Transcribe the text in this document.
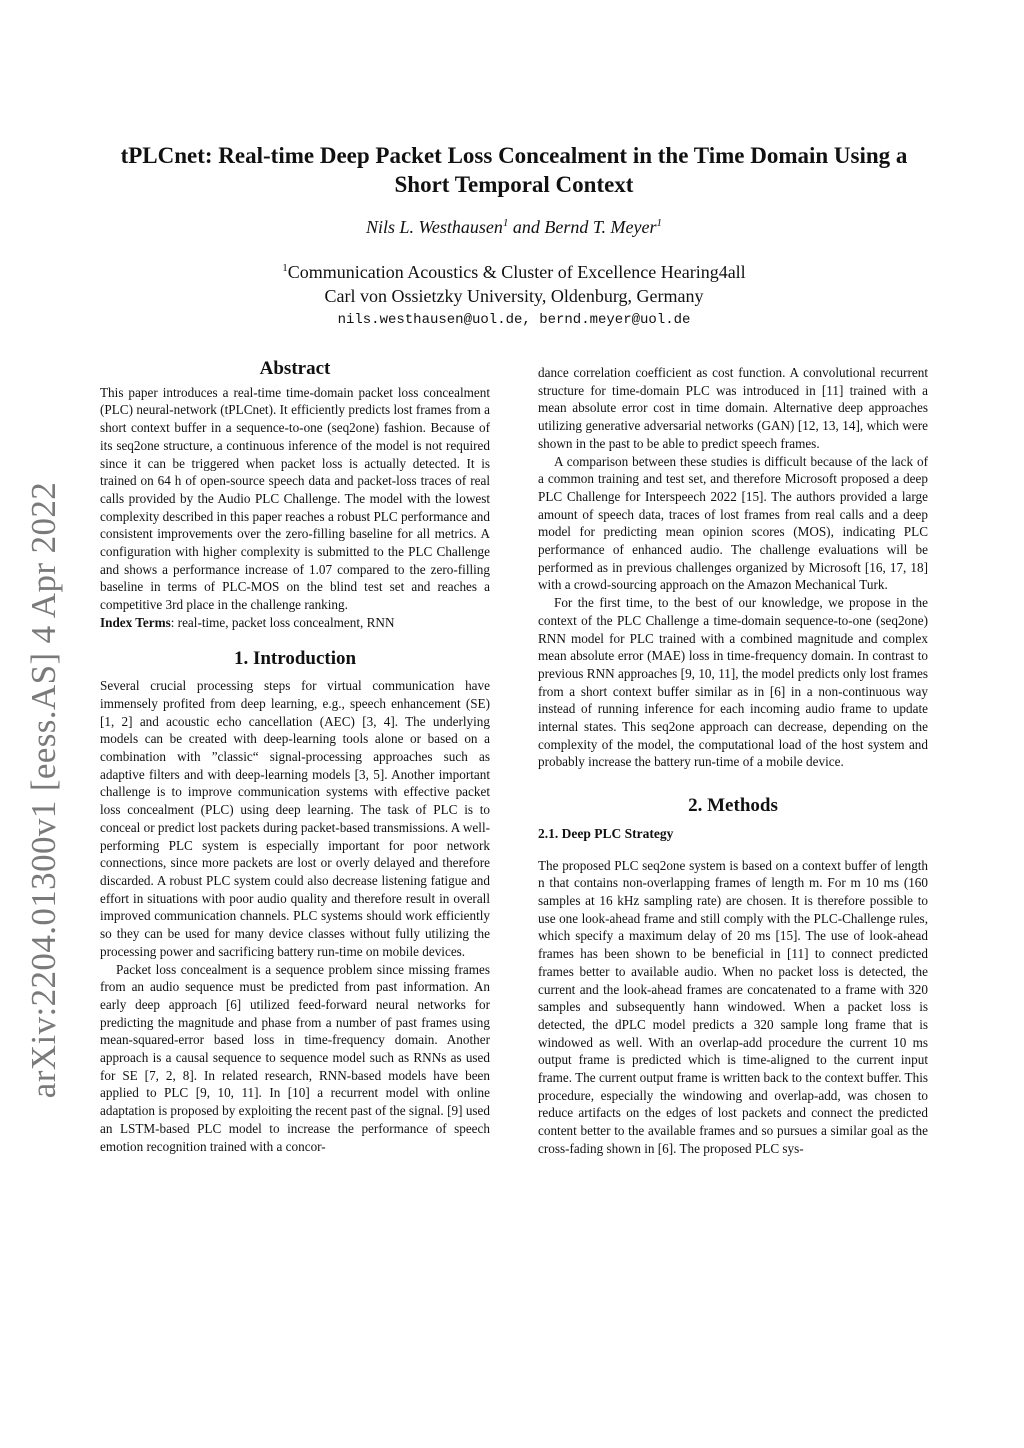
arXiv:2204.01300v1 [eess.AS] 4 Apr 2022
tPLCnet: Real-time Deep Packet Loss Concealment in the Time Domain Using a Short Temporal Context
Nils L. Westhausen$^1$ and Bernd T. Meyer$^1$
$^1$Communication Acoustics & Cluster of Excellence Hearing4all
Carl von Ossietzky University, Oldenburg, Germany
nils.westhausen@uol.de, bernd.meyer@uol.de
Abstract

This paper introduces a real-time time-domain packet loss concealment (PLC) neural-network (tPLCnet). It efficiently predicts lost frames from a short context buffer in a sequence-to-one (seq2one) fashion. Because of its seq2one structure, a continuous inference of the model is not required since it can be triggered when packet loss is actually detected. It is trained on 64 h of open-source speech data and packet-loss traces of real calls provided by the Audio PLC Challenge. The model with the lowest complexity described in this paper reaches a robust PLC performance and consistent improvements over the zero-filling baseline for all metrics. A configuration with higher complexity is submitted to the PLC Challenge and shows a performance increase of 1.07 compared to the zero-filling baseline in terms of PLC-MOS on the blind test set and reaches a competitive 3rd place in the challenge ranking.

Index Terms: real-time, packet loss concealment, RNN

1. Introduction

Several crucial processing steps for virtual communication have immensely profited from deep learning, e.g., speech enhancement (SE) [1, 2] and acoustic echo cancellation (AEC) [3, 4]. The underlying models can be created with deep-learning tools alone or based on a combination with ”classic“ signal-processing approaches such as adaptive filters and with deep-learning models [3, 5]. Another important challenge is to improve communication systems with effective packet loss concealment (PLC) using deep learning. The task of PLC is to conceal or predict lost packets during packet-based transmissions. A well-performing PLC system is especially important for poor network connections, since more packets are lost or overly delayed and therefore discarded. A robust PLC system could also decrease listening fatigue and effort in situations with poor audio quality and therefore result in overall improved communication channels. PLC systems should work efficiently so they can be used for many device classes without fully utilizing the processing power and sacrificing battery run-time on mobile devices.

Packet loss concealment is a sequence problem since missing frames from an audio sequence must be predicted from past information. An early deep approach [6] utilized feed-forward neural networks for predicting the magnitude and phase from a number of past frames using mean-squared-error based loss in time-frequency domain. Another approach is a causal sequence to sequence model such as RNNs as used for SE [7, 2, 8]. In related research, RNN-based models have been applied to PLC [9, 10, 11]. In [10] a recurrent model with online adaptation is proposed by exploiting the recent past of the signal. [9] used an LSTM-based PLC model to increase the performance of speech emotion recognition trained with a concor-

dance correlation coefficient as cost function. A convolutional recurrent structure for time-domain PLC was introduced in [11] trained with a mean absolute error cost in time domain. Alternative deep approaches utilizing generative adversarial networks (GAN) [12, 13, 14], which were shown in the past to be able to predict speech frames.

A comparison between these studies is difficult because of the lack of a common training and test set, and therefore Microsoft proposed a deep PLC Challenge for Interspeech 2022 [15]. The authors provided a large amount of speech data, traces of lost frames from real calls and a deep model for predicting mean opinion scores (MOS), indicating PLC performance of enhanced audio. The challenge evaluations will be performed as in previous challenges organized by Microsoft [16, 17, 18] with a crowd-sourcing approach on the Amazon Mechanical Turk.

For the first time, to the best of our knowledge, we propose in the context of the PLC Challenge a time-domain sequence-to-one (seq2one) RNN model for PLC trained with a combined magnitude and complex mean absolute error (MAE) loss in time-frequency domain. In contrast to previous RNN approaches [9, 10, 11], the model predicts only lost frames from a short context buffer similar as in [6] in a non-continuous way instead of running inference for each incoming audio frame to update internal states. This seq2one approach can decrease, depending on the complexity of the model, the computational load of the host system and probably increase the battery run-time of a mobile device.

2. Methods
2.1. Deep PLC Strategy

The proposed PLC seq2one system is based on a context buffer of length n that contains non-overlapping frames of length m. For m 10 ms (160 samples at 16 kHz sampling rate) are chosen. It is therefore possible to use one look-ahead frame and still comply with the PLC-Challenge rules, which specify a maximum delay of 20 ms [15]. The use of look-ahead frames has been shown to be beneficial in [11] to connect predicted frames better to available audio. When no packet loss is detected, the current and the look-ahead frames are concatenated to a frame with 320 samples and subsequently hann windowed. When a packet loss is detected, the dPLC model predicts a 320 sample long frame that is windowed as well. With an overlap-add procedure the current 10 ms output frame is predicted which is time-aligned to the current input frame. The current output frame is written back to the context buffer. This procedure, especially the windowing and overlap-add, was chosen to reduce artifacts on the edges of lost packets and connect the predicted content better to the available frames and so pursues a similar goal as the cross-fading shown in [6]. The proposed PLC sys-
